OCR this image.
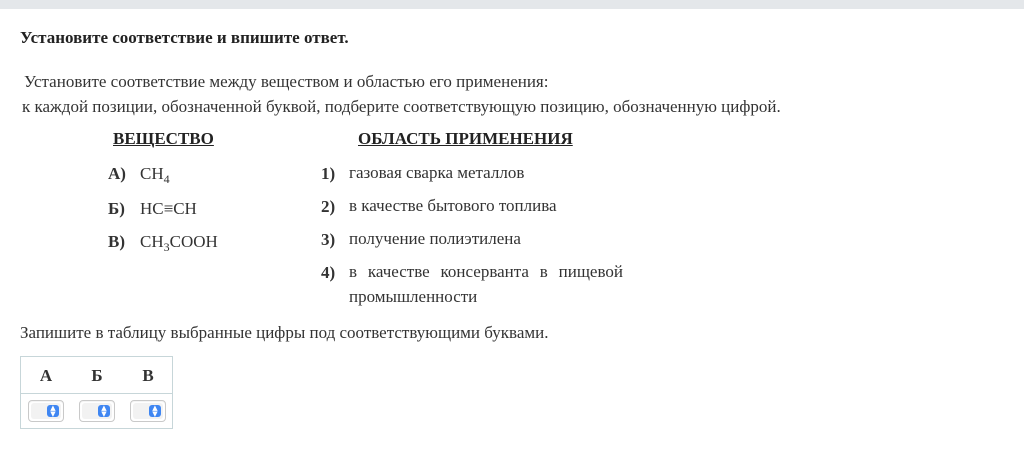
Установите соответствие и впишите ответ.
Установите соответствие между веществом и областью его применения:
к каждой позиции, обозначенной буквой, подберите соответствующую позицию, обозначенную цифрой.
ВЕЩЕСТВО	ОБЛАСТЬ ПРИМЕНЕНИЯ
А) $CH_4$
Б) HC≡CH
В) $CH_3COOH$
1) газовая сварка металлов
2) в качестве бытового топлива
3) получение полиэтилена
4) в качестве консерванта в пищевой
промышленности
Запишите в таблицу выбранные цифры под соответствующими буквами.
А	Б	В
▲
▼
▲
▼
▲
▼
